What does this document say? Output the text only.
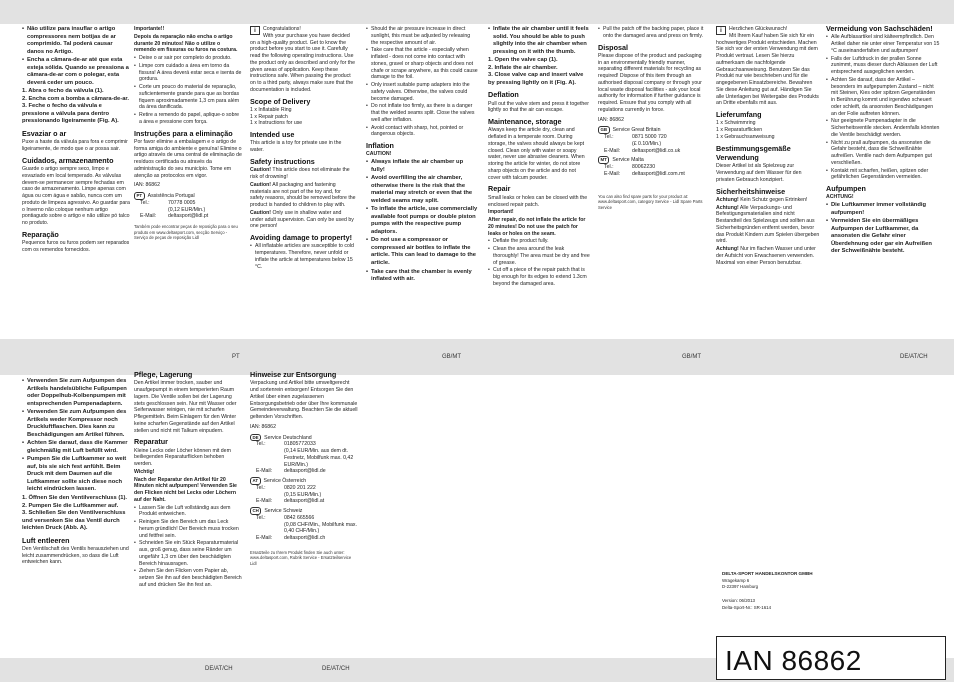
PT	GB/MT	GB/MT	DE/AT/CH
DE/AT/CH	DE/AT/CH
• Não utilize para insuflar o artigo compressores nem botijas de ar comprimido. Tal poderá causar danos no Artigo.
• Encha a câmara-de-ar até que esta esteja sólida. Quando se pressiona a câmara-de-ar com o polegar, esta deverá ceder um pouco.
1. Abra o fecho da válvula (1).
2. Encha com a bomba a câmara-de-ar.
3. Feche o fecho da válvula e pressione a válvula para dentro pressionando ligeiramente (Fig. A).
Esvaziar o ar

Puxe a haste da válvula para fora e comprimir ligeiramente, de modo que o ar possa sair.

Cuidados, armazenamento

Guarde o artigo sempre seco, limpo e esvaziado em local temperado. As válvulas devem-se permanecer sempre fechadas em caso de armazenamento. Limpe apenas com água ou com água e sabão, nunca com um produto de limpeza agressivo. Ao guardar para o Inverno não coloque nenhum artigo pontiagudo sobre o artigo e não utilize pó talco no produto.

Reparação

Pequenos furos ou furos podem ser reparados com os remendos fornecidos.

Importante!!

Depois da reparação não encha o artigo durante 20 minutos! Não o utilize o remendo em fissuras ou furos na costura.

• Deixe o ar sair por completo do produto.
• Limpe com cuidado a área em torno da fissura! A área deverá estar seca e isenta de gordura.
• Corte um pouco do material de reparação, suficientemente grande para que as bordas fiquem aproximadamente 1,3 cm para além da área danificada.
• Retire a remendo do papel, aplique-o sobre a área e pressione com força.
Instruções para a eliminação

Por favor elimine a embalagem e o artigo de forma amiga do ambiente e genuína! Elimine o artigo através de uma central de eliminação de resíduos certificada ou através da administração do seu município. Tome em atenção as protocolos em vigor.

IAN: 86862

PT Assistência Portugal
Tel.:	70778 0005
(0,12 EUR/Min.)
E-Mail:	deltasport@lidl.pt

Também pode encontrar peças de reposição para o seu produto em www.deltasport.com, secção Serviço - Serviço de peças de reposição Lidl

i	Congratulations!

With your purchase you have decided on a high-quality product. Get to know the product before you start to use it. Carefully read the following operating instructions. Use the product only as described and only for the given areas of application. Keep these instructions safe. When passing the product on to a third party, always make sure that the documentation is included.

Scope of Delivery
1 x Inflatable Ring
1 x Repair patch
1 x Instructions for use
Intended use

This article is a toy for private use in the water.

Safety instructions

Caution! This article does not eliminate the risk of drowning!

Caution! All packaging and fastening materials are not part of the toy and, for safety reasons, should be removed before the product is handed to children to play with.

Caution! Only use in shallow water and under adult supervision. Can only be used by one person!

Avoiding damage to property!
• All inflatable articles are susceptible to cold temperatures. Therefore, never unfold or inflate the article at temperatures below 15 °C.
• Should the air pressure increase in direct sunlight, this must be adjusted by releasing the respective amount of air.
• Take care that the article - especially when inflated - does not come into contact with stones, gravel or sharp objects and does not chafe or scrape anywhere, as this could cause damage to the foil.
• Only insert suitable pump adapters into the safety valves. Otherwise, the valves could become damaged.
• Do not inflate too firmly, as there is a danger that the welded seams split. Close the valves well after inflation.
• Avoid contact with sharp, hot, pointed or dangerous objects.
Inflation

CAUTION!

• Always inflate the air chamber up fully!
• Avoid overfilling the air chamber, otherwise there is the risk that the material may stretch or even that the welded seams may split.
• To inflate the article, use commercially available foot pumps or double piston pumps with the respective pump adaptors.
• Do not use a compressor or compressed air bottles to inflate the article. This can lead to damage to the article.
• Take care that the chamber is evenly inflated with air.
• Inflate the air chamber until it feels solid. You should be able to push slightly into the air chamber when pressing on it with the thumb.
1. Open the valve cap (1).
2. Inflate the air chamber.
3. Close valve cap and insert valve by pressing lightly on it (Fig. A).
Deflation

Pull out the valve stem and press it together lightly so that the air can escape.

Maintenance, storage

Always keep the article dry, clean and deflated in a temperate room. During storage, the valves should always be kept closed. Clean only with water or soapy water, never use abrasive cleaners. When storing the article for winter, do not store sharp objects on the article and do not cover with talcum powder.

Repair

Small leaks or holes can be closed with the enclosed repair patch.

Important!

After repair, do not inflate the article for 20 minutes! Do not use the patch for leaks or holes on the seam.

• Deflate the product fully.
• Clean the area around the leak thoroughly! The area must be dry and free of grease.
• Cut off a piece of the repair patch that is big enough for its edges to extend 1.3cm beyond the damaged area.
• Pull the patch off the backing paper, place it onto the damaged area and press on firmly.
Disposal

Please dispose of the product and packaging in an environmentally friendly manner, separating different materials for recycling as required! Dispose of this item through an authorised disposal company or through your local waste disposal facilities - ask your local authority for information if further guidance is required. Ensure that you comply with all regulations currently in force.

IAN: 86862

GB Service Great Britain
Tel.:	0871 5000 720
(£ 0.10/Min.)
E-Mail:	deltasport@lidl.co.uk
MT Service Malta
Tel.:	80062230
E-Mail:	deltasport@lidl.com.mt

You can also find spare parts for your product at: www.deltasport.com, category Service - Lidl Spare Parts Service

i	Herzlichen Glückwunsch!

Mit Ihrem Kauf haben Sie sich für ein hochwertiges Produkt entschieden. Machen Sie sich vor der ersten Verwendung mit dem Produkt vertraut. Lesen Sie hierzu aufmerksam die nachfolgende Gebrauchsanweisung. Benutzen Sie das Produkt nur wie beschrieben und für die angegebenen Einsatzbereiche. Bewahren Sie diese Anleitung gut auf. Händigen Sie alle Unterlagen bei Weitergabe des Produkts an Dritte ebenfalls mit aus.

Lieferumfang
1 x Schwimmring
1 x Reparaturflicken
1 x Gebrauchsanweisung
Bestimmungsgemäße Verwendung

Dieser Artikel ist als Spielzeug zur Verwendung auf dem Wasser für den privaten Gebrauch konzipiert.

Sicherheitshinweise

Achtung! Kein Schutz gegen Ertrinken!

Achtung! Alle Verpackungs- und Befestigungsmaterialien sind nicht Bestandteil des Spielzeugs und sollten aus Sicherheitsgründen entfernt werden, bevor das Produkt Kindern zum Spielen übergeben wird.

Achtung! Nur im flachen Wasser und unter der Aufsicht von Erwachsenen verwenden. Maximal von einer Person benutzbar.

Vermeidung von Sachschäden!
• Alle Aufblasartikel sind kälteempfindlich. Den Artikel daher nie unter einer Temperatur von 15 °C auseinanderfalten und aufpumpen!
• Falls der Luftdruck in der prallen Sonne zunimmt, muss dieser durch Ablassen der Luft entsprechend ausgeglichen werden.
• Achten Sie darauf, dass der Artikel – besonders im aufgepumpten Zustand – nicht mit Steinen, Kies oder spitzen Gegenständen in Berührung kommt und irgendwo scheuert oder schleift, da ansonsten Beschädigungen an der Folie auftreten können.
• Nur geeignete Pumpenadapter in die Sicherheitsventile stecken. Andernfalls könnten die Ventile beschädigt werden.
• Nicht zu prall aufpumpen, da ansonsten die Gefahr besteht, dass die Schweißnähte aufreißen. Ventile nach dem Aufpumpen gut verschließen.
• Kontakt mit scharfen, heißen, spitzen oder gefährlichen Gegenständen vermeiden.
Aufpumpen

ACHTUNG!

• Die Luftkammer immer vollständig aufpumpen!
• Vermeiden Sie ein übermäßiges Aufpumpen der Luftkammer, da ansonsten die Gefahr einer Überdehnung oder gar ein Aufreißen der Schweißnähte besteht.
• Verwenden Sie zum Aufpumpen des Artikels handelsübliche Fußpumpen oder Doppelhub-Kolbenpumpen mit entsprechenden Pumpenadaptern.
• Verwenden Sie zum Aufpumpen des Artikels weder Kompressor noch Druckluftflaschen. Dies kann zu Beschädigungen am Artikel führen.
• Achten Sie darauf, dass die Kammer gleichmäßig mit Luft befüllt wird.
• Pumpen Sie die Luftkammer so weit auf, bis sie sich fest anfühlt. Beim Druck mit dem Daumen auf die Luftkammer sollte sich diese noch leicht eindrücken lassen.
1. Öffnen Sie den Ventilverschluss (1).
2. Pumpen Sie die Luftkammer auf.
3. Schließen Sie den Ventilverschluss und versenken Sie das Ventil durch leichten Druck (Abb. A).
Luft entleeren

Den Ventilschaft des Ventils herausziehen und leicht zusammendrücken, so dass die Luft entweichen kann.

Pflege, Lagerung

Den Artikel immer trocken, sauber und unaufgepumpt in einem temperierten Raum lagern. Die Ventile sollen bei der Lagerung stets geschlossen sein. Nur mit Wasser oder Seifenwasser reinigen, nie mit scharfen Pflegemitteln. Beim Einlagern für den Winter keine scharfen Gegenstände auf den Artikel stellen und nicht mit Talkum einpudern.

Reparatur

Kleine Lecks oder Löcher können mit dem beiliegenden Reparaturflicken behoben werden.

Wichtig!

Nach der Reparatur den Artikel für 20 Minuten nicht aufpumpen! Verwenden Sie den Flicken nicht bei Lecks oder Löchern auf der Naht.

• Lassen Sie die Luft vollständig aus dem Produkt entweichen.
• Reinigen Sie den Bereich um das Leck herum gründlich! Der Bereich muss trocken und fettfrei sein.
• Schneiden Sie ein Stück Reparaturmaterial aus, groß genug, dass seine Ränder um ungefähr 1,3 cm über den beschädigten Bereich hinausragen.
• Ziehen Sie den Flicken vom Papier ab, setzen Sie ihn auf den beschädigten Bereich auf und drücken Sie ihn fest an.
Hinweise zur Entsorgung

Verpackung und Artikel bitte umweltgerecht und sortenrein entsorgen! Entsorgen Sie den Artikel über einen zugelassenen Entsorgungsbetrieb oder über Ihre kommunale Gemeindeverwaltung. Beachten Sie die aktuell geltenden Vorschriften.

IAN: 86862

DE Service Deutschland
Tel.:	01805772033
(0,14 EUR/Min. aus dem dt. Festnetz, Mobilfunk max. 0,42 EUR/Min.)
E-Mail:	deltasport@lidl.de
AT Service Österreich
Tel.:	0820 201 222
(0,15 EUR/Min.)
E-Mail:	deltasport@lidl.at
CH Service Schweiz
Tel.:	0842 665566
(0,08 CHF/Min., Mobilfunk max. 0,40 CHF/Min.)
E-Mail:	deltasport@lidl.ch

Ersatzteile zu Ihrem Produkt finden Sie auch unter: www.deltasport.com, Rubrik Service - Ersatzteilservice Lidl

DELTA-SPORT HANDELSKONTOR GMBH
Wragekamp 6
D-22397 Hamburg
Version: 06/2013
Delta-Sport-Nr.: SR-1614
IAN 86862
